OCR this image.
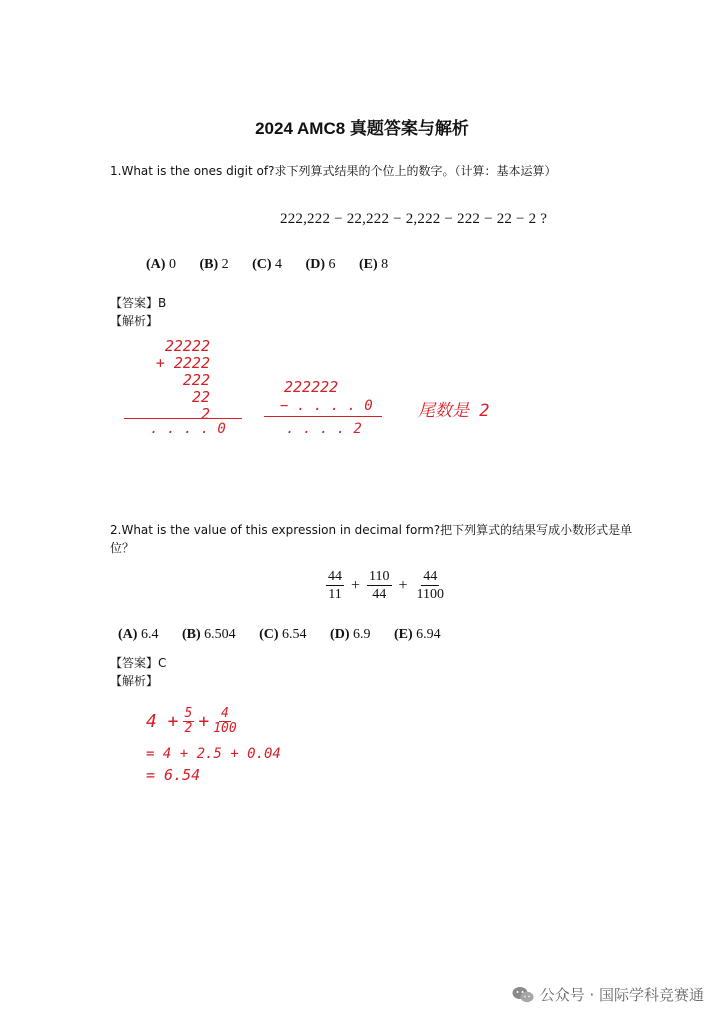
2024 AMC8 真题答案与解析
1.What is the ones digit of?求下列算式结果的个位上的数字。（计算：基本运算）
222,222 − 22,222 − 2,222 − 222 − 22 − 2 ?
(A) 0 (B) 2 (C) 4 (D) 6 (E) 8
【答案】B
【解析】
22222
+ 2222
222
22
2
. . . . 0
222222
− . . . . 0
. . . . 2
尾数是 2
2.What is the value of this expression in decimal form?把下列算式的结果写成小数形式是单
位？
$\frac{44}{11} + \frac{110}{44} + \frac{44}{1100}$
(A) 6.4 (B) 6.504 (C) 6.54 (D) 6.9 (E) 6.94
【答案】C
【解析】
$4 + \frac{5}{2} + \frac{4}{100}$
= 4 + 2.5 + 0.04
= 6.54
公众号 · 国际学科竞赛通
